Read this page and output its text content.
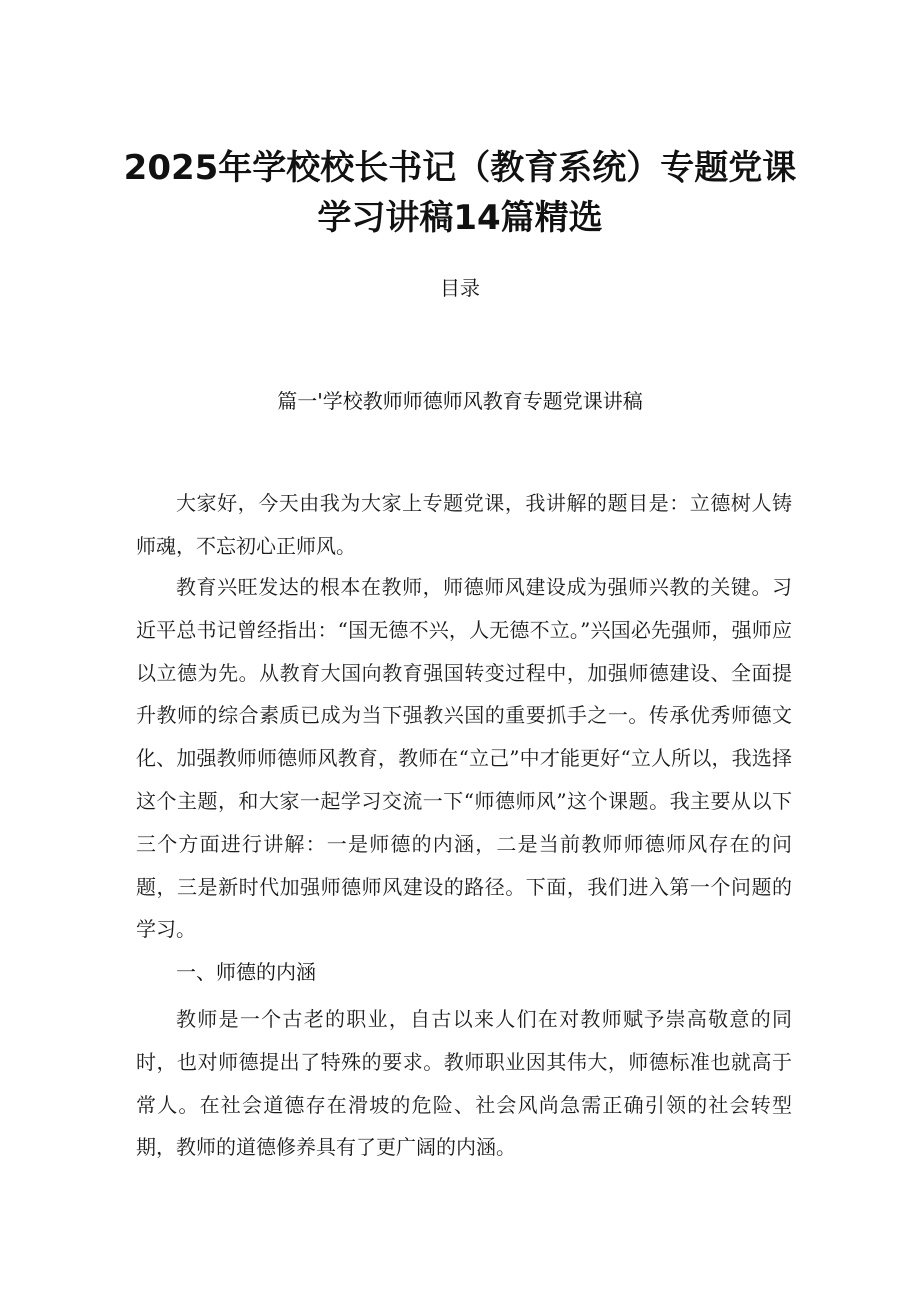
2025年学校校长书记（教育系统）专题党课
学习讲稿14篇精选
目录
篇一'学校教师师德师风教育专题党课讲稿

大家好，今天由我为大家上专题党课，我讲解的题目是：立德树人铸师魂，不忘初心正师风。

教育兴旺发达的根本在教师，师德师风建设成为强师兴教的关键。习近平总书记曾经指出：“国无德不兴，人无德不立。”兴国必先强师，强师应以立德为先。从教育大国向教育强国转变过程中，加强师德建设、全面提升教师的综合素质已成为当下强教兴国的重要抓手之一。传承优秀师德文化、加强教师师德师风教育，教师在“立己”中才能更好“立人所以，我选择这个主题，和大家一起学习交流一下“师德师风”这个课题。我主要从以下三个方面进行讲解：一是师德的内涵，二是当前教师师德师风存在的问题，三是新时代加强师德师风建设的路径。下面，我们进入第一个问题的学习。

一、师德的内涵

教师是一个古老的职业，自古以来人们在对教师赋予崇高敬意的同时，也对师德提出了特殊的要求。教师职业因其伟大，师德标准也就高于常人。在社会道德存在滑坡的危险、社会风尚急需正确引领的社会转型期，教师的道德修养具有了更广阔的内涵。
